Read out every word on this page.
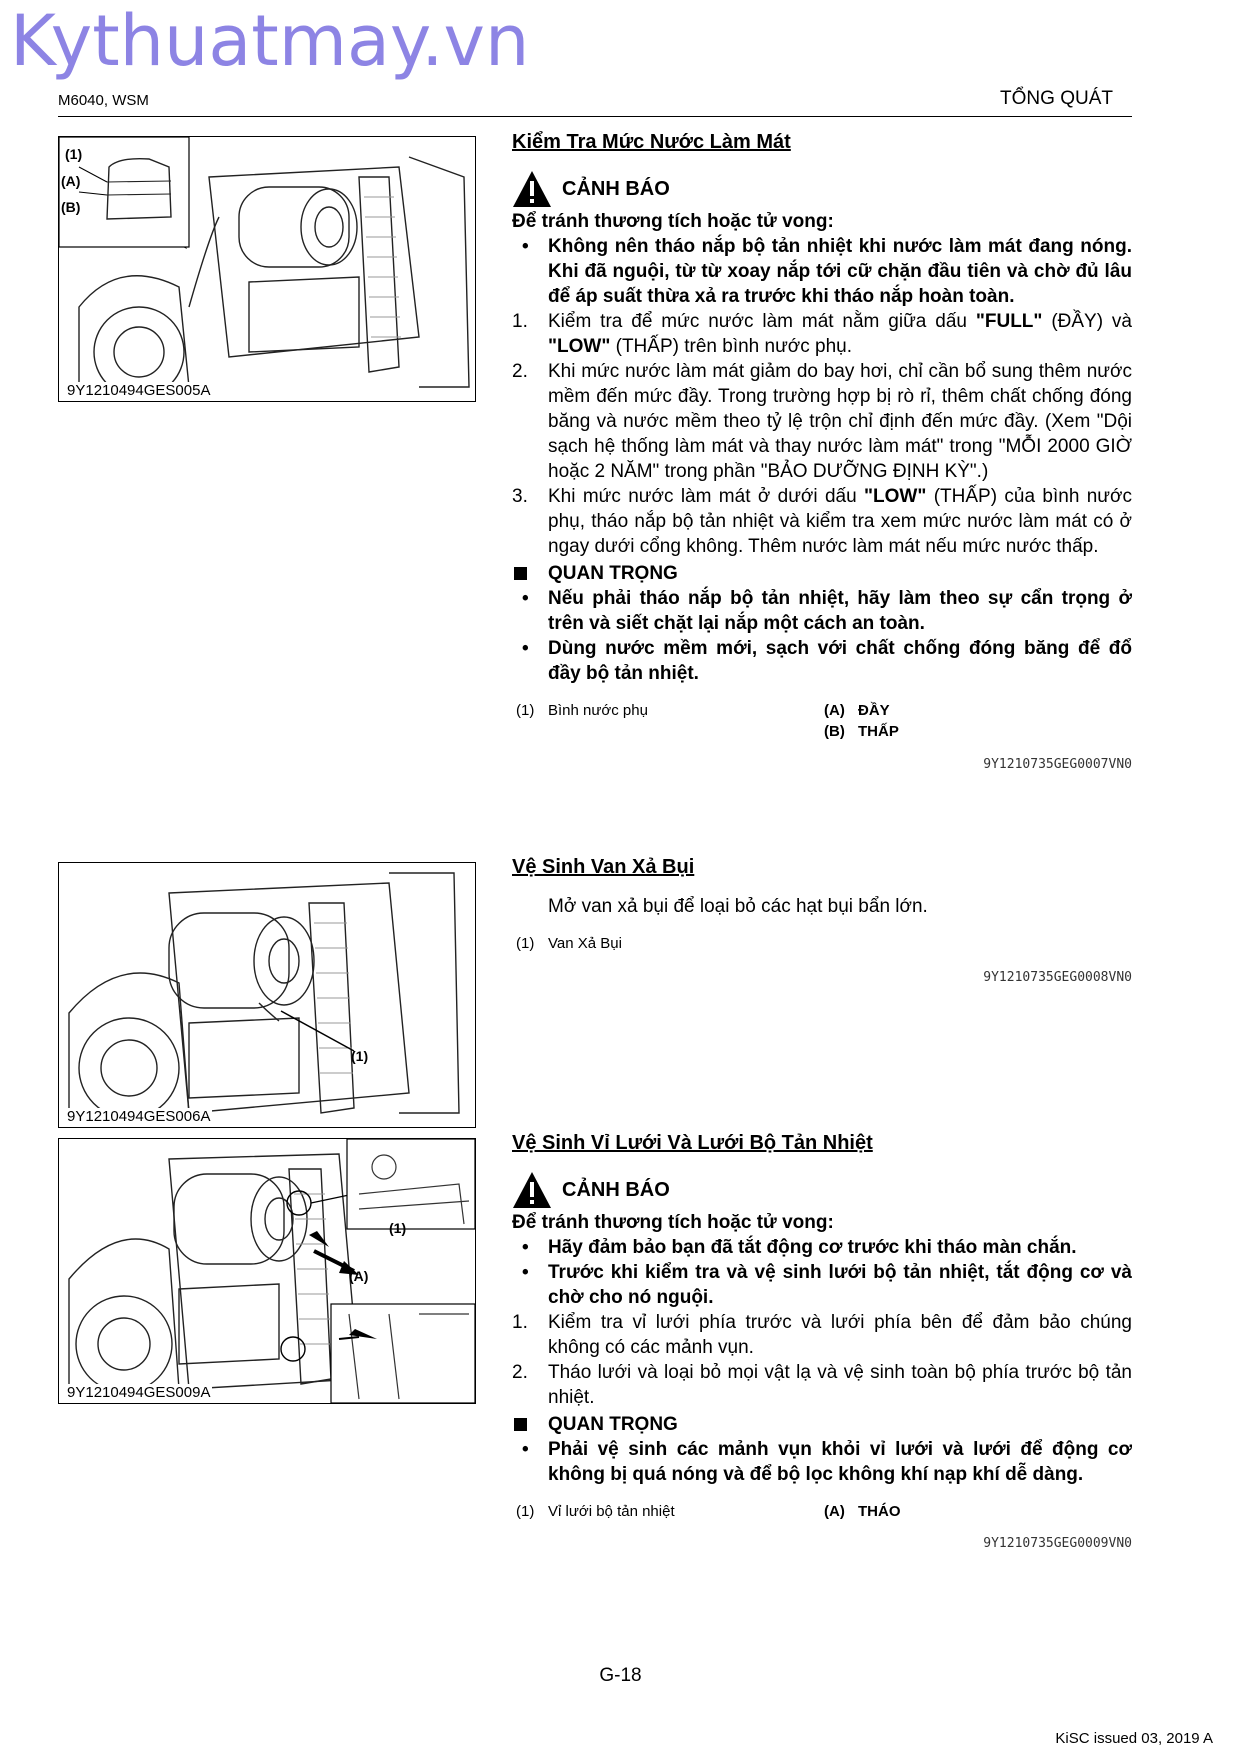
Kythuatmay.vn
M6040, WSM	TỔNG QUÁT
(1)
(A)
(B)
9Y1210494GES005A
(1)
9Y1210494GES006A
(1)
(A)
9Y1210494GES009A
Kiểm Tra Mức Nước Làm Mát
CẢNH BÁO
Để tránh thương tích hoặc tử vong:
• Không nên tháo nắp bộ tản nhiệt khi nước làm mát đang nóng. Khi đã nguội, từ từ xoay nắp tới cữ chặn đầu tiên và chờ đủ lâu để áp suất thừa xả ra trước khi tháo nắp hoàn toàn.
1. Kiểm tra để mức nước làm mát nằm giữa dấu "FULL" (ĐẦY) và "LOW" (THẤP) trên bình nước phụ.
2. Khi mức nước làm mát giảm do bay hơi, chỉ cần bổ sung thêm nước mềm đến mức đầy. Trong trường hợp bị rò rỉ, thêm chất chống đóng băng và nước mềm theo tỷ lệ trộn chỉ định đến mức đầy. (Xem "Dội sạch hệ thống làm mát và thay nước làm mát" trong "MỖI 2000 GIỜ hoặc 2 NĂM" trong phần "BẢO DƯỠNG ĐỊNH KỲ".)
3. Khi mức nước làm mát ở dưới dấu "LOW" (THẤP) của bình nước phụ, tháo nắp bộ tản nhiệt và kiểm tra xem mức nước làm mát có ở ngay dưới cổng không. Thêm nước làm mát nếu mức nước thấp.
QUAN TRỌNG
• Nếu phải tháo nắp bộ tản nhiệt, hãy làm theo sự cẩn trọng ở trên và siết chặt lại nắp một cách an toàn.
• Dùng nước mềm mới, sạch với chất chống đóng băng để đổ đầy bộ tản nhiệt.
(1) Bình nước phụ	(A) ĐẦY
(B) THẤP
9Y1210735GEG0007VN0
Vệ Sinh Van Xả Bụi
Mở van xả bụi để loại bỏ các hạt bụi bẩn lớn.
(1) Van Xả Bụi
9Y1210735GEG0008VN0
Vệ Sinh Vỉ Lưới Và Lưới Bộ Tản Nhiệt
CẢNH BÁO
Để tránh thương tích hoặc tử vong:
• Hãy đảm bảo bạn đã tắt động cơ trước khi tháo màn chắn.
• Trước khi kiểm tra và vệ sinh lưới bộ tản nhiệt, tắt động cơ và chờ cho nó nguội.
1. Kiểm tra vỉ lưới phía trước và lưới phía bên để đảm bảo chúng không có các mảnh vụn.
2. Tháo lưới và loại bỏ mọi vật lạ và vệ sinh toàn bộ phía trước bộ tản nhiệt.
QUAN TRỌNG
• Phải vệ sinh các mảnh vụn khỏi vỉ lưới và lưới để động cơ không bị quá nóng và để bộ lọc không khí nạp khí dễ dàng.
(1) Vỉ lưới bộ tản nhiệt	(A) THÁO
9Y1210735GEG0009VN0
G-18
KiSC issued 03, 2019 A
